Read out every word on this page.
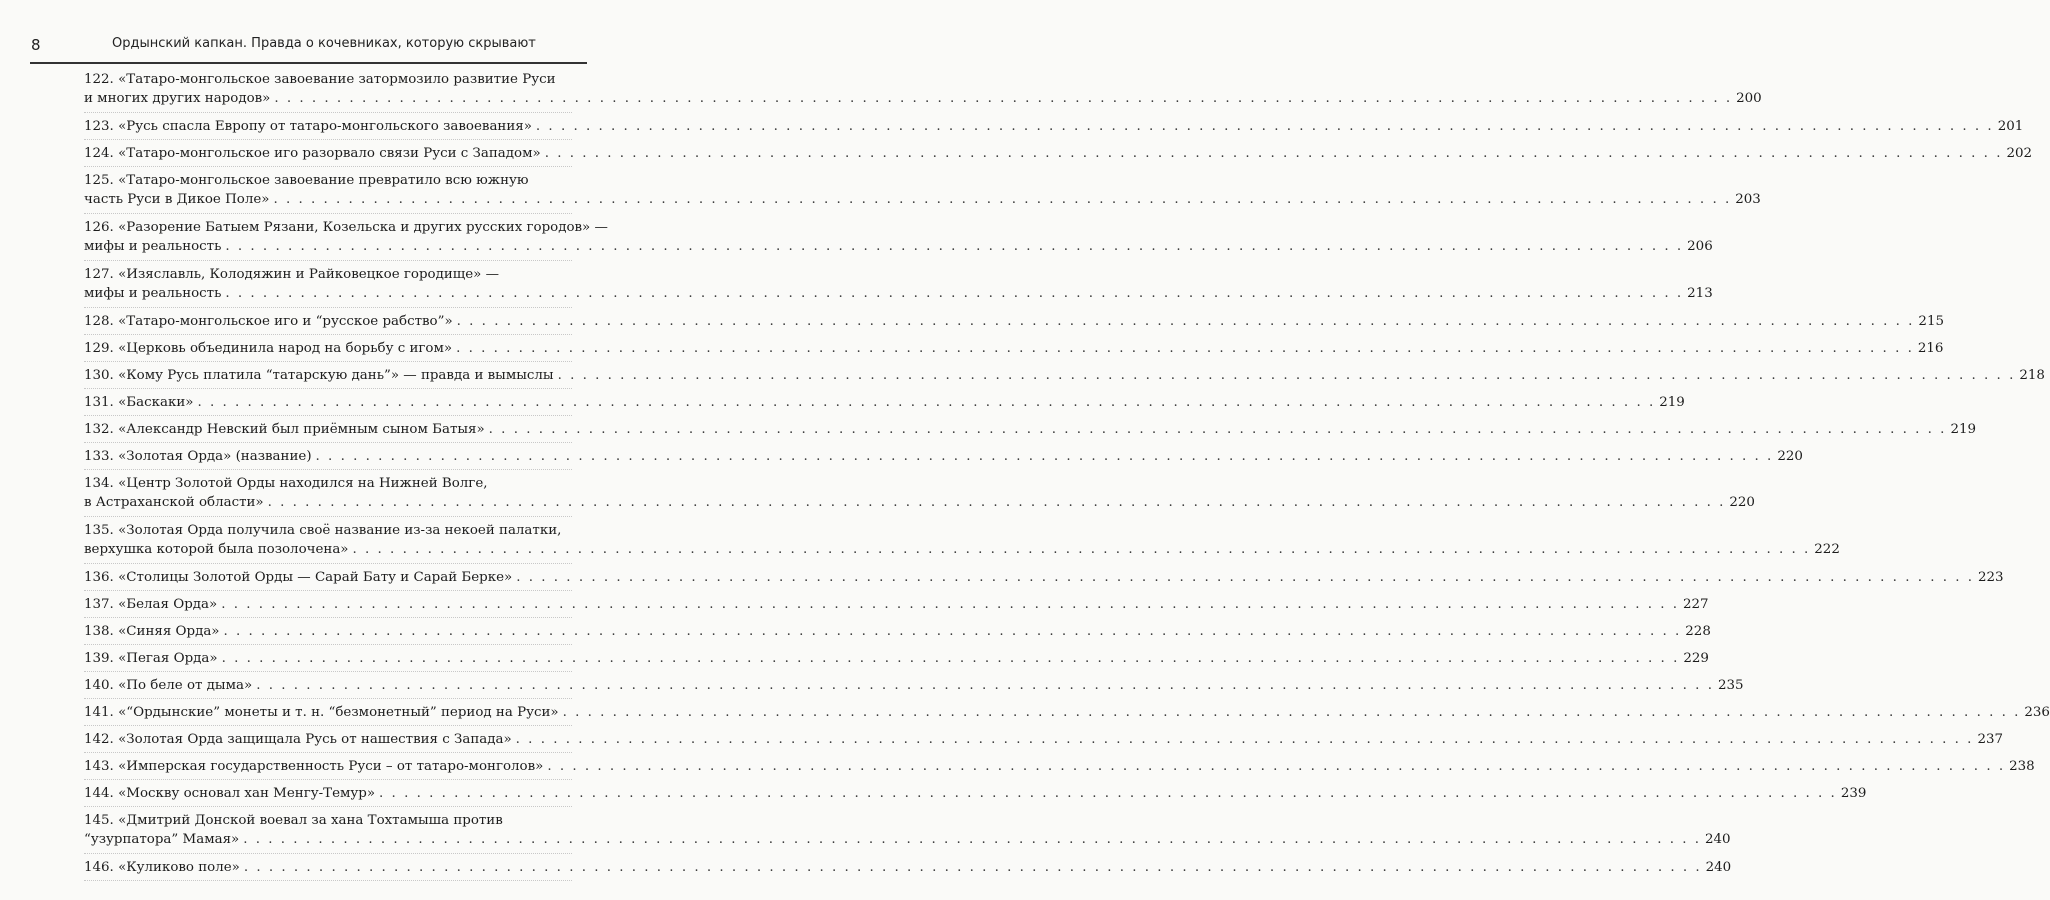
8	Ордынский капкан. Правда о кочевниках, которую скрывают
122. «Татаро-монгольское завоевание затормозило развитие Руси
и многих других народов» . . .	200
123. «Русь спасла Европу от татаро-монгольского завоевания» . . .	201
124. «Татаро-монгольское иго разорвало связи Руси с Западом» . . .	202
125. «Татаро-монгольское завоевание превратило всю южную
часть Руси в Дикое Поле» . . .	203
126. «Разорение Батыем Рязани, Козельска и других русских городов» —
мифы и реальность . . .	206
127. «Изяславль, Колодяжин и Райковецкое городище» —
мифы и реальность . . .	213
128. «Татаро-монгольское иго и “русское рабство”» . . .	215
129. «Церковь объединила народ на борьбу с игом» . . .	216
130. «Кому Русь платила “татарскую дань”» — правда и вымыслы . . .	218
131. «Баскаки» . . .	219
132. «Александр Невский был приёмным сыном Батыя» . . .	219
133. «Золотая Орда» (название) . . .	220
134. «Центр Золотой Орды находился на Нижней Волге,
в Астраханской области» . . .	220
135. «Золотая Орда получила своё название из-за некоей палатки,
верхушка которой была позолочена» . . .	222
136. «Столицы Золотой Орды — Сарай Бату и Сарай Берке» . . .	223
137. «Белая Орда» . . .	227
138. «Синяя Орда» . . .	228
139. «Пегая Орда» . . .	229
140. «По беле от дыма» . . .	235
141. «“Ордынские” монеты и т. н. “безмонетный” период на Руси» . . .	236
142. «Золотая Орда защищала Русь от нашествия с Запада» . . .	237
143. «Имперская государственность Руси – от татаро-монголов» . . .	238
144. «Москву основал хан Менгу-Темур» . . .	239
145. «Дмитрий Донской воевал за хана Тохтамыша против
“узурпатора” Мамая» . . .	240
146. «Куликово поле» . . .	240
